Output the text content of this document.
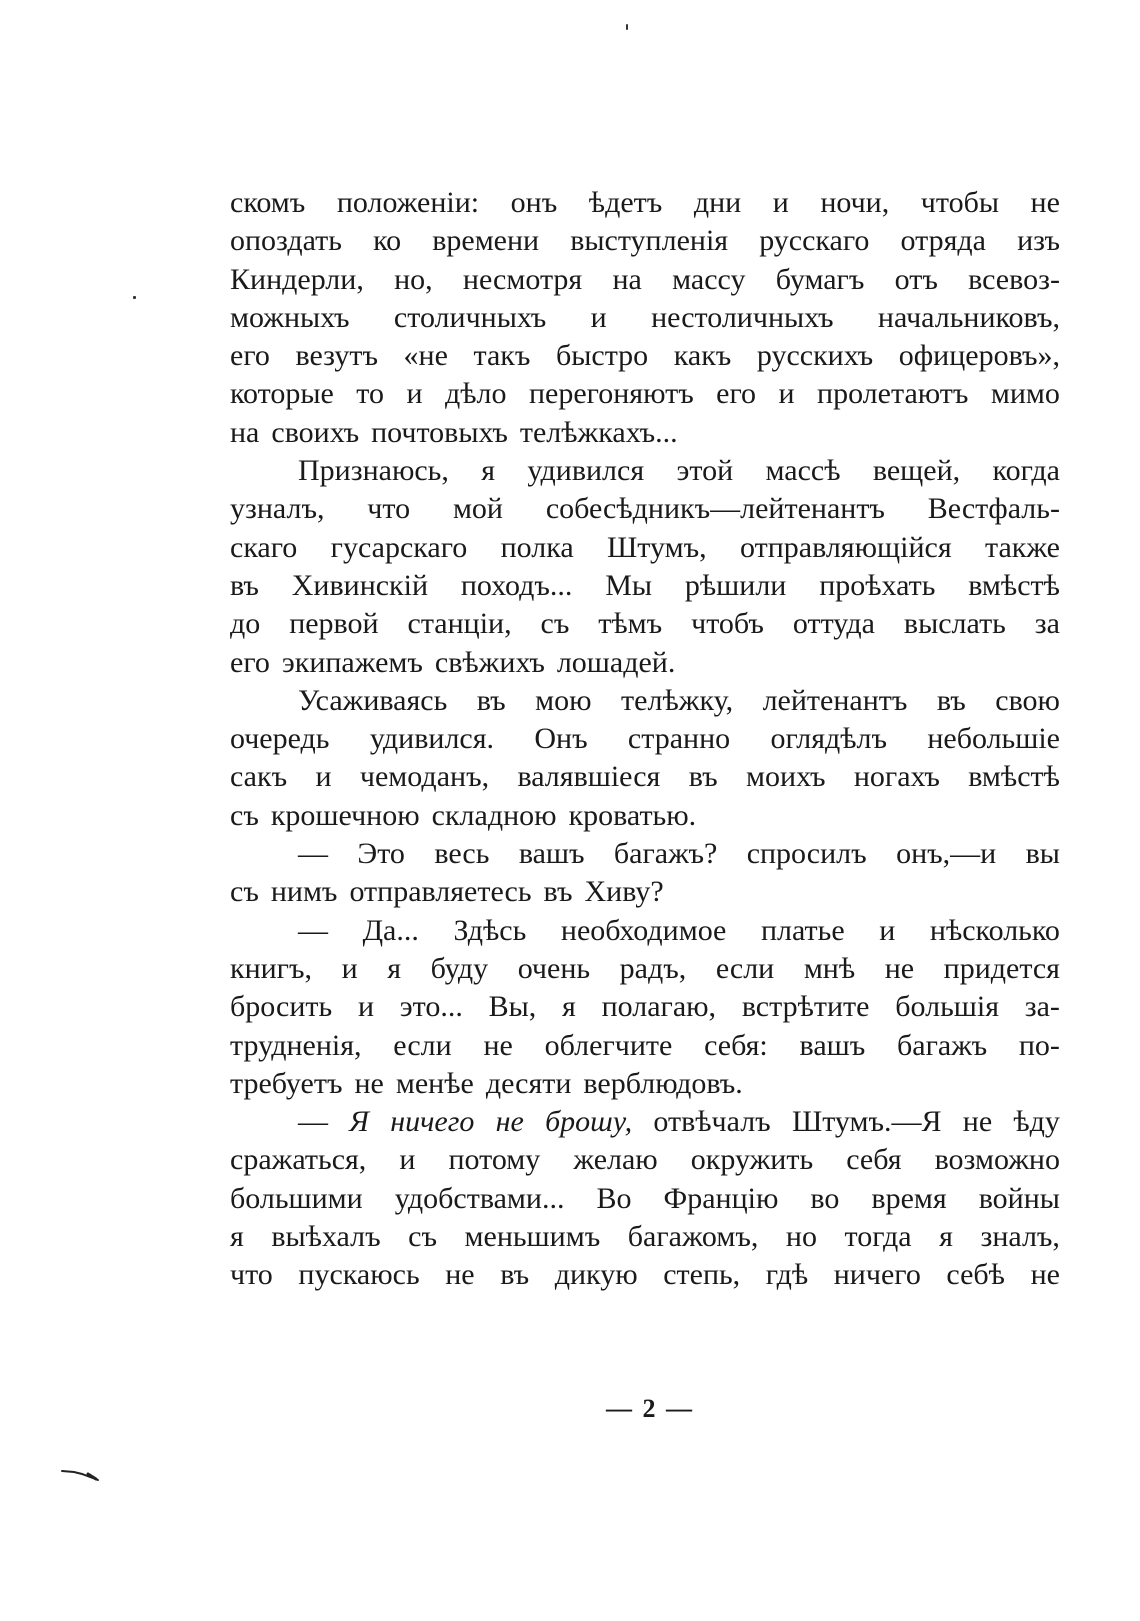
скомъ положеніи: онъ ѣдетъ дни и ночи, чтобы не
опоздать ко времени выступленія русскаго отряда изъ
Киндерли, но, несмотря на массу бумагъ отъ всевоз-
можныхъ столичныхъ и нестоличныхъ начальниковъ,
его везутъ «не такъ быстро какъ русскихъ офицеровъ»,
которые то и дѣло перегоняютъ его и пролетаютъ мимо
на своихъ почтовыхъ телѣжкахъ...
Признаюсь, я удивился этой массѣ вещей, когда
узналъ, что мой собесѣдникъ—лейтенантъ Вестфаль-
скаго гусарскаго полка Штумъ, отправляющійся также
въ Хивинскій походъ... Мы рѣшили проѣхать вмѣстѣ
до первой станціи, съ тѣмъ чтобъ оттуда выслать за
его экипажемъ свѣжихъ лошадей.
Усаживаясь въ мою телѣжку, лейтенантъ въ свою
очередь удивился. Онъ странно оглядѣлъ небольшіе
сакъ и чемоданъ, валявшіеся въ моихъ ногахъ вмѣстѣ
съ крошечною складною кроватью.
— Это весь вашъ багажъ? спросилъ онъ,—и вы
съ нимъ отправляетесь въ Хиву?
— Да... Здѣсь необходимое платье и нѣсколько
книгъ, и я буду очень радъ, если мнѣ не придется
бросить и это... Вы, я полагаю, встрѣтите большія за-
трудненія, если не облегчите себя: вашъ багажъ по-
требуетъ не менѣе десяти верблюдовъ.
— Я ничего не брошу, отвѣчалъ Штумъ.—Я не ѣду
сражаться, и потому желаю окружить себя возможно
большими удобствами... Во Францію во время войны
я выѣхалъ съ меньшимъ багажомъ, но тогда я зналъ,
что пускаюсь не въ дикую степь, гдѣ ничего себѣ не
— 2 —
